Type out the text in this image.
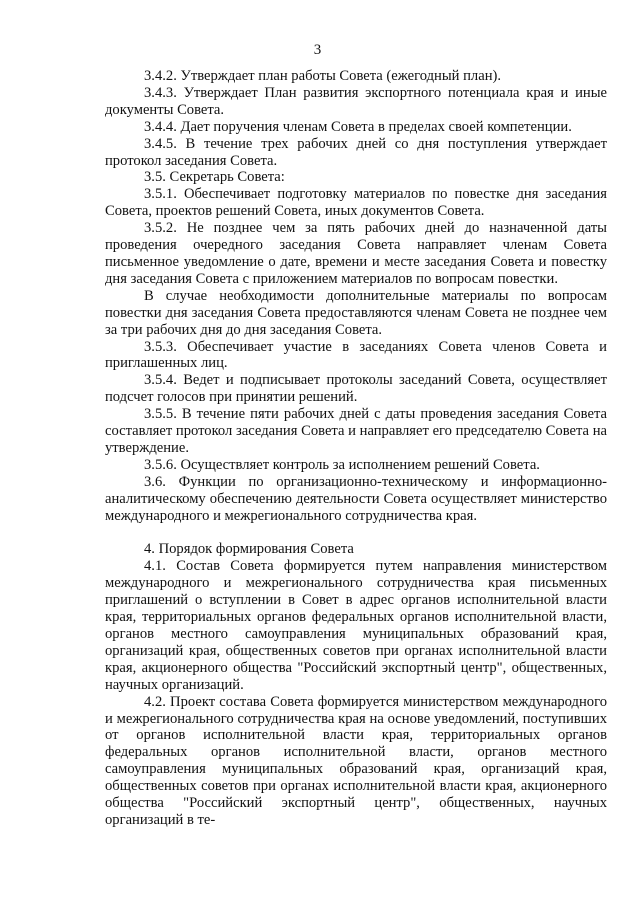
3

3.4.2. Утверждает план работы Совета (ежегодный план).

3.4.3. Утверждает План развития экспортного потенциала края и иные документы Совета.

3.4.4. Дает поручения членам Совета в пределах своей компетенции.

3.4.5. В течение трех рабочих дней со дня поступления утверждает протокол заседания Совета.

3.5. Секретарь Совета:

3.5.1. Обеспечивает подготовку материалов по повестке дня заседания Совета, проектов решений Совета, иных документов Совета.

3.5.2. Не позднее чем за пять рабочих дней до назначенной даты проведения очередного заседания Совета направляет членам Совета письменное уведомление о дате, времени и месте заседания Совета и повестку дня заседания Совета с приложением материалов по вопросам повестки.

В случае необходимости дополнительные материалы по вопросам повестки дня заседания Совета предоставляются членам Совета не позднее чем за три рабочих дня до дня заседания Совета.

3.5.3. Обеспечивает участие в заседаниях Совета членов Совета и приглашенных лиц.

3.5.4. Ведет и подписывает протоколы заседаний Совета, осуществляет подсчет голосов при принятии решений.

3.5.5. В течение пяти рабочих дней с даты проведения заседания Совета составляет протокол заседания Совета и направляет его председателю Совета на утверждение.

3.5.6. Осуществляет контроль за исполнением решений Совета.

3.6. Функции по организационно-техническому и информационно-аналитическому обеспечению деятельности Совета осуществляет министерство международного и межрегионального сотрудничества края.

4. Порядок формирования Совета

4.1. Состав Совета формируется путем направления министерством международного и межрегионального сотрудничества края письменных приглашений о вступлении в Совет в адрес органов исполнительной власти края, территориальных органов федеральных органов исполнительной власти, органов местного самоуправления муниципальных образований края, организаций края, общественных советов при органах исполнительной власти края, акционерного общества "Российский экспортный центр", общественных, научных организаций.

4.2. Проект состава Совета формируется министерством международного и межрегионального сотрудничества края на основе уведомлений, поступивших от органов исполнительной власти края, территориальных органов федеральных органов исполнительной власти, органов местного самоуправления муниципальных образований края, организаций края, общественных советов при органах исполнительной власти края, акционерного общества "Российский экспортный центр", общественных, научных организаций в те-
